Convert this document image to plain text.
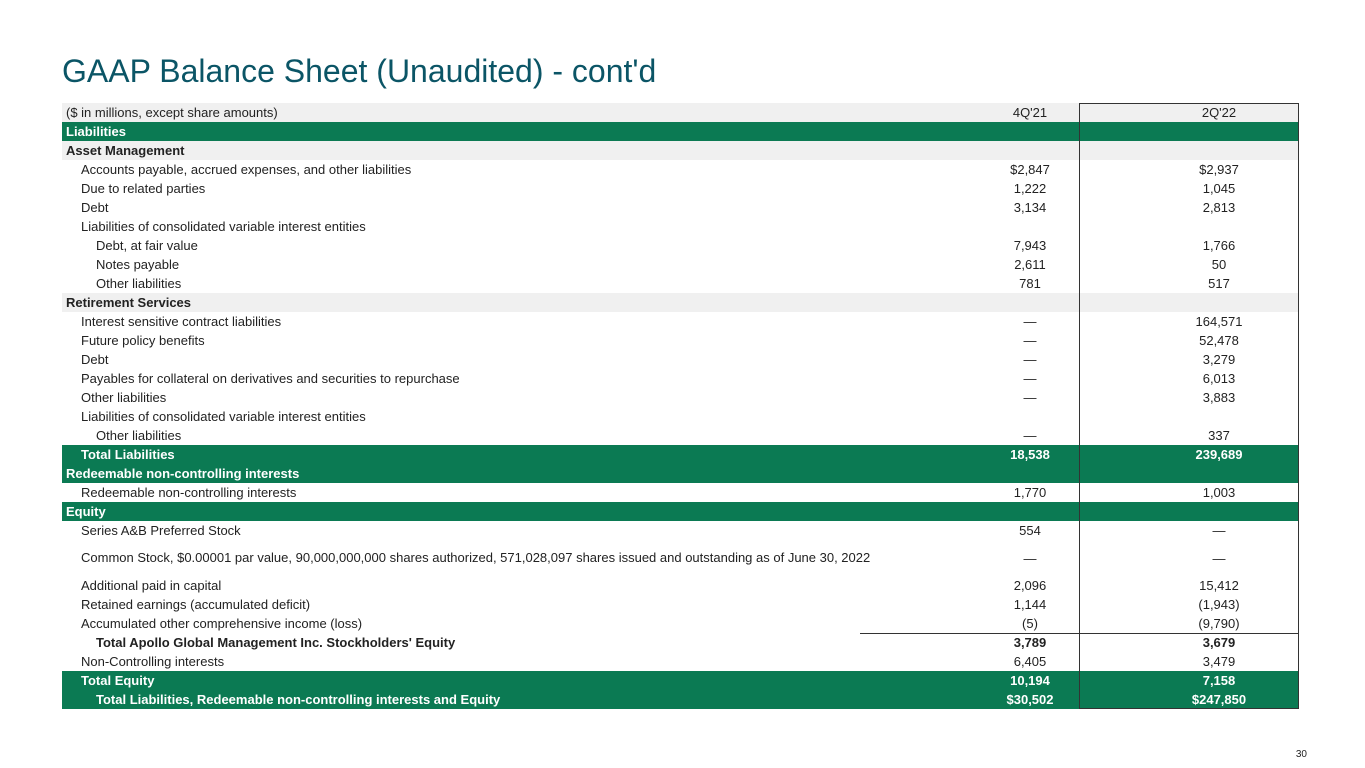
GAAP Balance Sheet (Unaudited) - cont'd
($ in millions, except share amounts)	4Q'21	2Q'22
Liabilities
Asset Management
Accounts payable, accrued expenses, and other liabilities	$2,847	$2,937
Due to related parties	1,222	1,045
Debt	3,134	2,813
Liabilities of consolidated variable interest entities
Debt, at fair value	7,943	1,766
Notes payable	2,611	50
Other liabilities	781	517
Retirement Services
Interest sensitive contract liabilities	—	164,571
Future policy benefits	—	52,478
Debt	—	3,279
Payables for collateral on derivatives and securities to repurchase	—	6,013
Other liabilities	—	3,883
Liabilities of consolidated variable interest entities
Other liabilities	—	337
Total Liabilities	18,538	239,689
Redeemable non-controlling interests
Redeemable non-controlling interests	1,770	1,003
Equity
Series A&B Preferred Stock	554	—
Common Stock, $0.00001 par value, 90,000,000,000 shares authorized, 571,028,097 shares issued and outstanding as of June 30, 2022	—	—
Additional paid in capital	2,096	15,412
Retained earnings (accumulated deficit)	1,144	(1,943)
Accumulated other comprehensive income (loss)	(5)	(9,790)
Total Apollo Global Management Inc. Stockholders' Equity	3,789	3,679
Non-Controlling interests	6,405	3,479
Total Equity	10,194	7,158
Total Liabilities, Redeemable non-controlling interests and Equity	$30,502	$247,850
30
